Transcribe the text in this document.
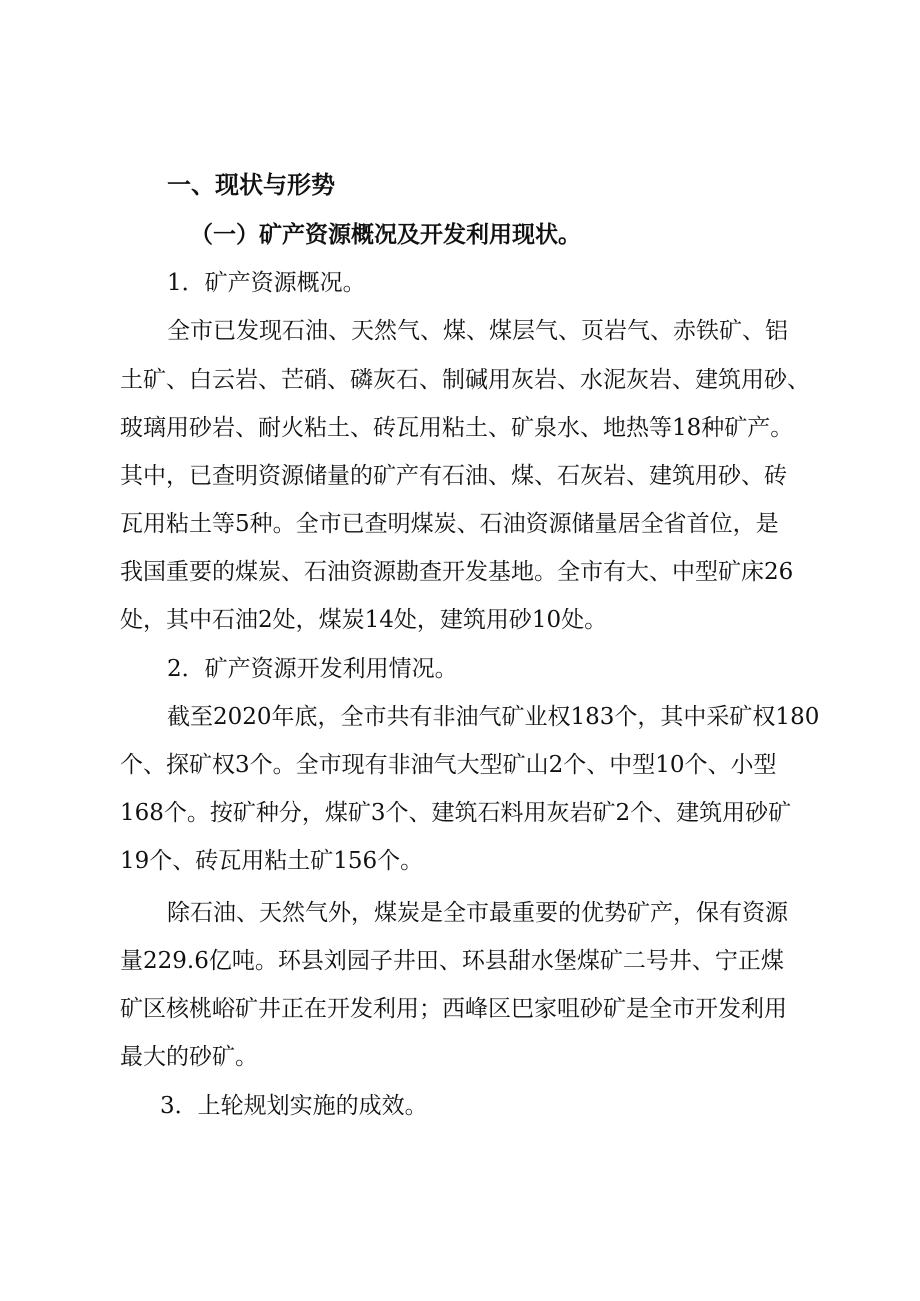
一、现状与形势
（一）矿产资源概况及开发利用现状。
1．矿产资源概况。
全市已发现石油、天然气、煤、煤层气、页岩气、赤铁矿、铝
土矿、白云岩、芒硝、磷灰石、制碱用灰岩、水泥灰岩、建筑用砂、
玻璃用砂岩、耐火粘土、砖瓦用粘土、矿泉水、地热等18种矿产。
其中，已查明资源储量的矿产有石油、煤、石灰岩、建筑用砂、砖
瓦用粘土等5种。全市已查明煤炭、石油资源储量居全省首位，是
我国重要的煤炭、石油资源勘查开发基地。全市有大、中型矿床26
处，其中石油2处，煤炭14处，建筑用砂10处。
2．矿产资源开发利用情况。
截至2020年底，全市共有非油气矿业权183个，其中采矿权180
个、探矿权3个。全市现有非油气大型矿山2个、中型10个、小型
168个。按矿种分，煤矿3个、建筑石料用灰岩矿2个、建筑用砂矿
19个、砖瓦用粘土矿156个。
除石油、天然气外，煤炭是全市最重要的优势矿产，保有资源
量229.6亿吨。环县刘园子井田、环县甜水堡煤矿二号井、宁正煤
矿区核桃峪矿井正在开发利用；西峰区巴家咀砂矿是全市开发利用
最大的砂矿。
3．上轮规划实施的成效。
